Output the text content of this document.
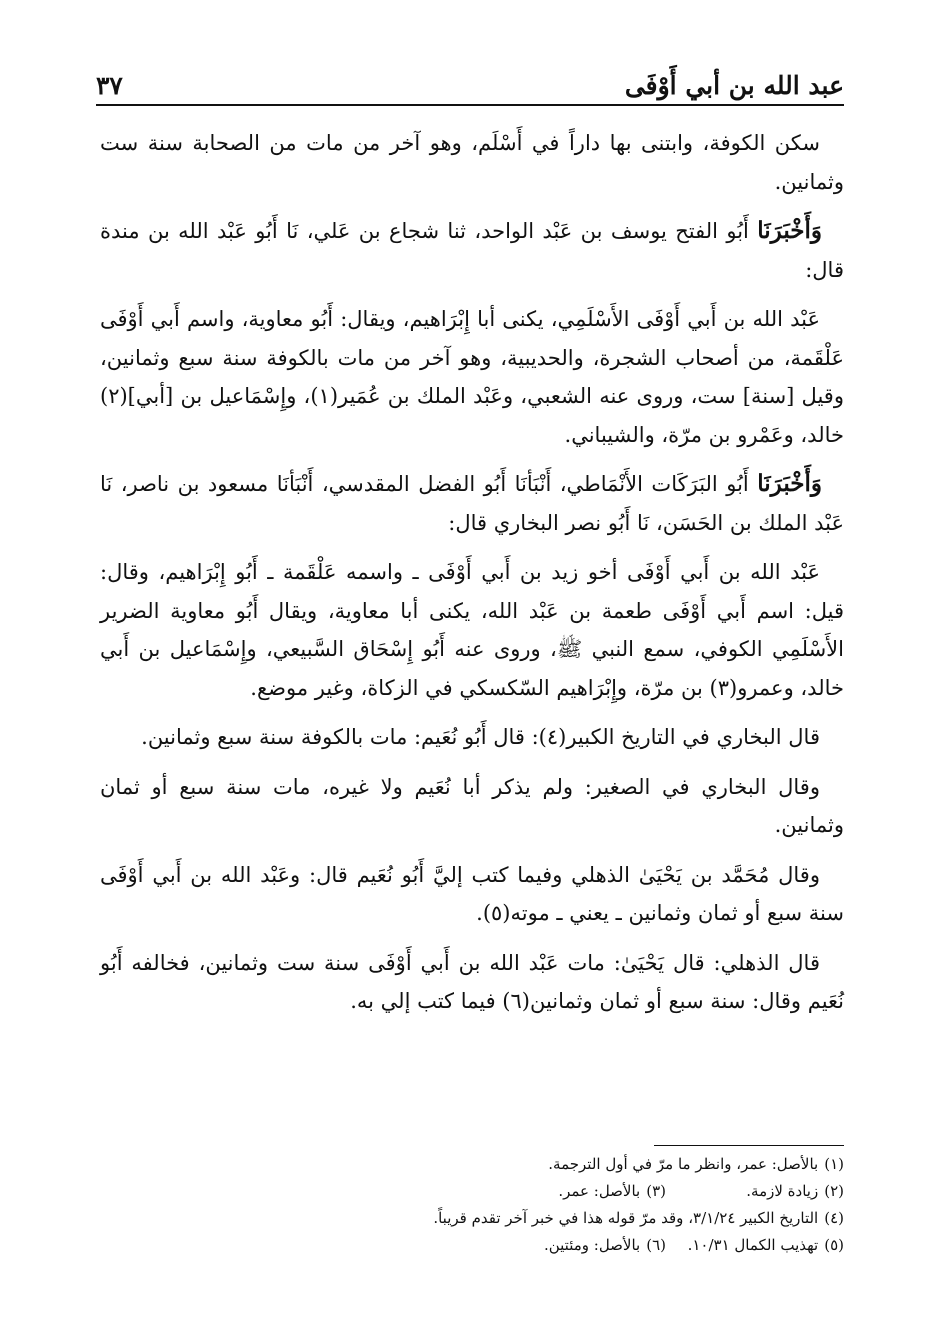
عبد الله بن أبي أَوْفَى
٣٧

سكن الكوفة، وابتنى بها داراً في أَسْلَم، وهو آخر من مات من الصحابة سنة ست وثمانين.

وَأَخْبَرَنَا أَبُو الفتح يوسف بن عَبْد الواحد، ثنا شجاع بن عَلي، نَا أَبُو عَبْد الله بن مندة قال:

عَبْد الله بن أَبي أَوْفَى الأَسْلَمِي، يكنى أبا إِبْرَاهيم، ويقال: أَبُو معاوية، واسم أَبي أَوْفَى عَلْقَمة، من أصحاب الشجرة، والحديبية، وهو آخر من مات بالكوفة سنة سبع وثمانين، وقيل [سنة] ست، وروى عنه الشعبي، وعَبْد الملك بن عُمَير(١)، وإِسْمَاعيل بن [أبي](٢) خالد، وعَمْرو بن مرّة، والشيباني.

وَأَخْبَرَنَا أَبُو البَرَكَات الأَنْمَاطي، أَنْبَأنَا أَبُو الفضل المقدسي، أَنْبَأنَا مسعود بن ناصر، نَا عَبْد الملك بن الحَسَن، نَا أَبُو نصر البخاري قال:

عَبْد الله بن أَبي أَوْفَى أخو زيد بن أَبي أَوْفَى ـ واسمه عَلْقَمة ـ أَبُو إِبْرَاهيم، وقال: قيل: اسم أَبي أَوْفَى طعمة بن عَبْد الله، يكنى أبا معاوية، ويقال أَبُو معاوية الضرير الأَسْلَمِي الكوفي، سمع النبي ﷺ، وروى عنه أَبُو إِسْحَاق السَّبيعي، وإِسْمَاعيل بن أَبي خالد، وعمرو(٣) بن مرّة، وإِبْرَاهيم السّكسكي في الزكاة، وغير موضع.

قال البخاري في التاريخ الكبير(٤): قال أَبُو نُعَيم: مات بالكوفة سنة سبع وثمانين.

وقال البخاري في الصغير: ولم يذكر أبا نُعَيم ولا غيره، مات سنة سبع أو ثمان وثمانين.

وقال مُحَمَّد بن يَحْيَىٰ الذهلي وفيما كتب إليَّ أَبُو نُعَيم قال: وعَبْد الله بن أَبي أَوْفَى سنة سبع أو ثمان وثمانين ـ يعني ـ موته(٥).

قال الذهلي: قال يَحْيَىٰ: مات عَبْد الله بن أَبي أَوْفَى سنة ست وثمانين، فخالفه أَبُو نُعَيم وقال: سنة سبع أو ثمان وثمانين(٦) فيما كتب إلي به.

(١)بالأصل: عمر، وانظر ما مرّ في أول الترجمة.
(٢)زيادة لازمة.
(٣)بالأصل: عمر.
(٤)التاريخ الكبير ٣/١/٢٤، وقد مرّ قوله هذا في خبر آخر تقدم قريباً.
(٥)تهذيب الكمال ١٠/٣١.
(٦)بالأصل: ومئتين.
